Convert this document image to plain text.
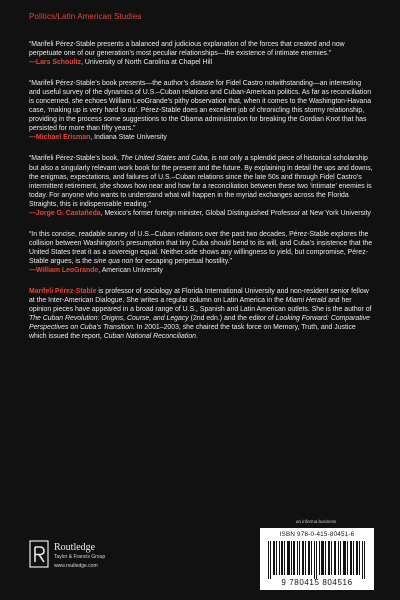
Politics/Latin American Studies

“Marifeli Pérez-Stable presents a balanced and judicious explanation of the forces that created and now perpetuate one of our generation’s most peculiar relationships—the existence of intimate enemies.”

—Lars Schoultz, University of North Carolina at Chapel Hill

“Marifeli Pérez-Stable’s book presents—the author’s distaste for Fidel Castro notwithstanding—an interesting and useful survey of the dynamics of U.S.–Cuban relations and Cuban-American politics. As far as reconciliation is concerned, she echoes William LeoGrande’s pithy observation that, when it comes to the Washington-Havana case, ‘making up is very hard to do’. Pérez-Stable does an excellent job of chronicling this stormy relationship, providing in the process some suggestions to the Obama administration for breaking the Gordian Knot that has persisted for more than fifty years.”

—Michael Erisman, Indiana State University

“Marifeli Pérez-Stable’s book, The United States and Cuba, is not only a splendid piece of historical scholarship but also a singularly relevant work book for the present and the future. By explaining in detail the ups and downs, the enigmas, expectations, and failures of U.S.–Cuban relations since the late 50s and through Fidel Castro’s intermittent retirement, she shows how near and how far a reconciliation between these two ‘intimate’ enemies is today. For anyone who wants to understand what will happen in the myriad exchanges across the Florida Straights, this is indispensable reading.”

—Jorge G. Castañeda, Mexico’s former foreign minister, Global Distinguished Professor at New York University

“In this concise, readable survey of U.S.–Cuban relations over the past two decades, Pérez-Stable explores the collision between Washington’s presumption that tiny Cuba should bend to its will, and Cuba’s insistence that the United States treat it as a sovereign equal. Neither side shows any willingness to yield, but compromise, Pérez-Stable argues, is the sine qua non for escaping perpetual hostility.”

—William LeoGrande, American University

Marifeli Pérez-Stable is professor of sociology at Florida International University and non-resident senior fellow at the Inter-American Dialogue. She writes a regular column on Latin America in the Miami Herald and her opinion pieces have appeared in a broad range of U.S., Spanish and Latin American outlets. She is the author of The Cuban Revolution: Origins, Course, and Legacy (2nd edn.) and the editor of Looking Forward: Comparative Perspectives on Cuba’s Transition. In 2001–2003, she chaired the task force on Memory, Truth, and Justice which issued the report, Cuban National Reconciliation.

an informa business
Routledge
Taylor & Francis Group
www.routledge.com
ISBN 978-0-415-80451-6
9 780415 804516
